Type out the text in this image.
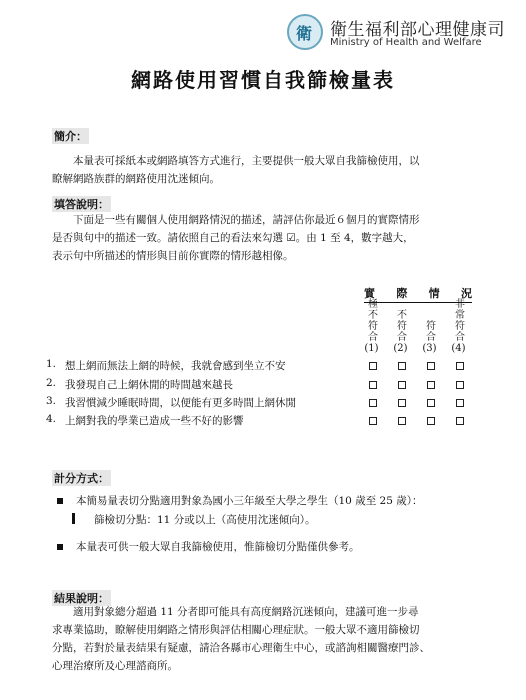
衛 衛生福利部心理健康司
Ministry of Health and Welfare
網路使用習慣自我篩檢量表
簡介：
本量表可採紙本或網路填答方式進行，主要提供一般大眾自我篩檢使用，以
瞭解網路族群的網路使用沈迷傾向。
填答說明：
下面是一些有關個人使用網路情況的描述，請評估你最近６個月的實際情形
是否與句中的描述一致。請依照自己的看法來勾選 ☑。由 1 至 4，數字越大，
表示句中所描述的情形與目前你實際的情形越相像。
實 際 情 況
極不符合
(1)
不符合
(2)
符合
(3)
非常符合
(4)
1. 想上網而無法上網的時候，我就會感到坐立不安
2. 我發現自己上網休閒的時間越來越長
3. 我習慣減少睡眠時間，以便能有更多時間上網休閒
4. 上網對我的學業已造成一些不好的影響
計分方式：
本簡易量表切分點適用對象為國小三年級至大學之學生（10 歲至 25 歲）：
篩檢切分點：11 分或以上（高使用沈迷傾向）。
本量表可供一般大眾自我篩檢使用，惟篩檢切分點僅供參考。
結果說明：
適用對象總分超過 11 分者即可能具有高度網路沉迷傾向，建議可進一步尋
求專業協助，瞭解使用網路之情形與評估相關心理症狀。一般大眾不適用篩檢切
分點，若對於量表結果有疑慮，請洽各縣市心理衛生中心，或諮詢相關醫療門診、
心理治療所及心理諮商所。
